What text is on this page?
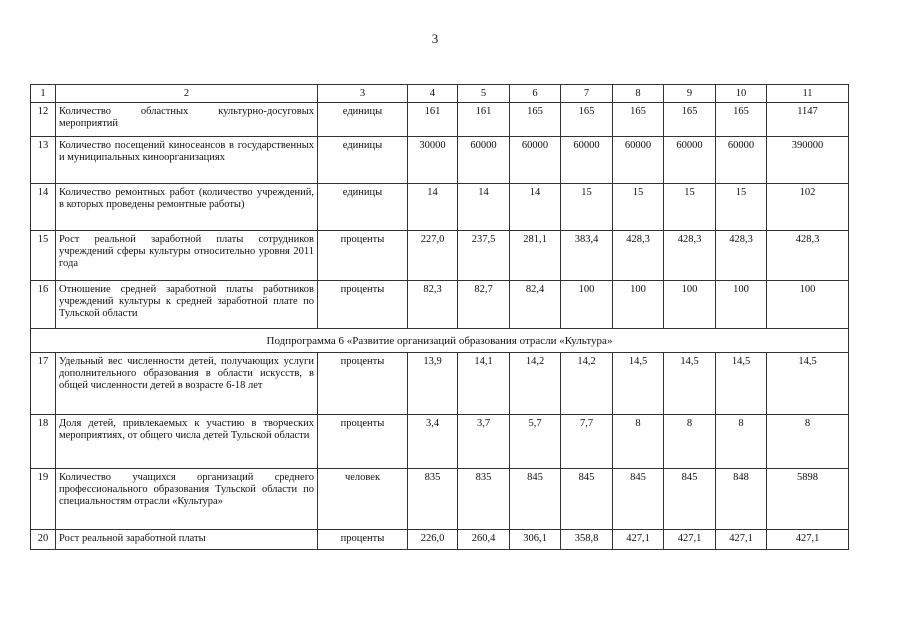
3
1	2	3	4	5	6	7	8	9	10	11
12	Количество областных культурно-досуговых мероприятий	единицы	161	161	165	165	165	165	165	1147
13	Количество посещений киносеансов в государственных и муниципальных киноорганизациях	единицы	30000	60000	60000	60000	60000	60000	60000	390000
14	Количество ремонтных работ (количество учреждений, в которых проведены ремонтные работы)	единицы	14	14	14	15	15	15	15	102
15	Рост реальной заработной платы сотрудников учреждений сферы культуры относительно уровня 2011 года	проценты	227,0	237,5	281,1	383,4	428,3	428,3	428,3	428,3
16	Отношение средней заработной платы работников учреждений культуры к средней заработной плате по Тульской области	проценты	82,3	82,7	82,4	100	100	100	100	100
Подпрограмма 6 «Развитие организаций образования отрасли «Культура»										
17	Удельный вес численности детей, получающих услуги дополнительного образования в области искусств, в общей численности детей в возрасте 6-18 лет	проценты	13,9	14,1	14,2	14,2	14,5	14,5	14,5	14,5
18	Доля детей, привлекаемых к участию в творческих мероприятиях, от общего числа детей Тульской области	проценты	3,4	3,7	5,7	7,7	8	8	8	8
19	Количество учащихся организаций среднего профессионального образования Тульской области по специальностям отрасли «Культура»	человек	835	835	845	845	845	845	848	5898
20	Рост реальной заработной платы	проценты	226,0	260,4	306,1	358,8	427,1	427,1	427,1	427,1
